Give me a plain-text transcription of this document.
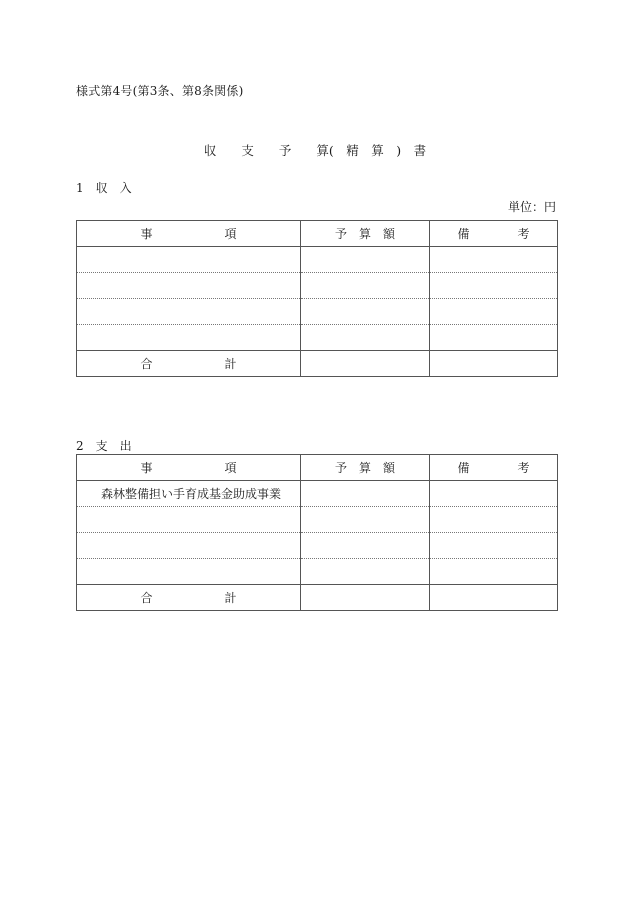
様式第4号(第3条、第8条関係)
収　　支　　予　　算(　精　算　)　書
1　収　入
単位：円
事　　　　　　項	予　算　額	備　　　　考

合　　　　　　計		
2　支　出
事　　　　　　項	予　算　額	備　　　　考
森林整備担い手育成基金助成事業		

合　　　　　　計		
